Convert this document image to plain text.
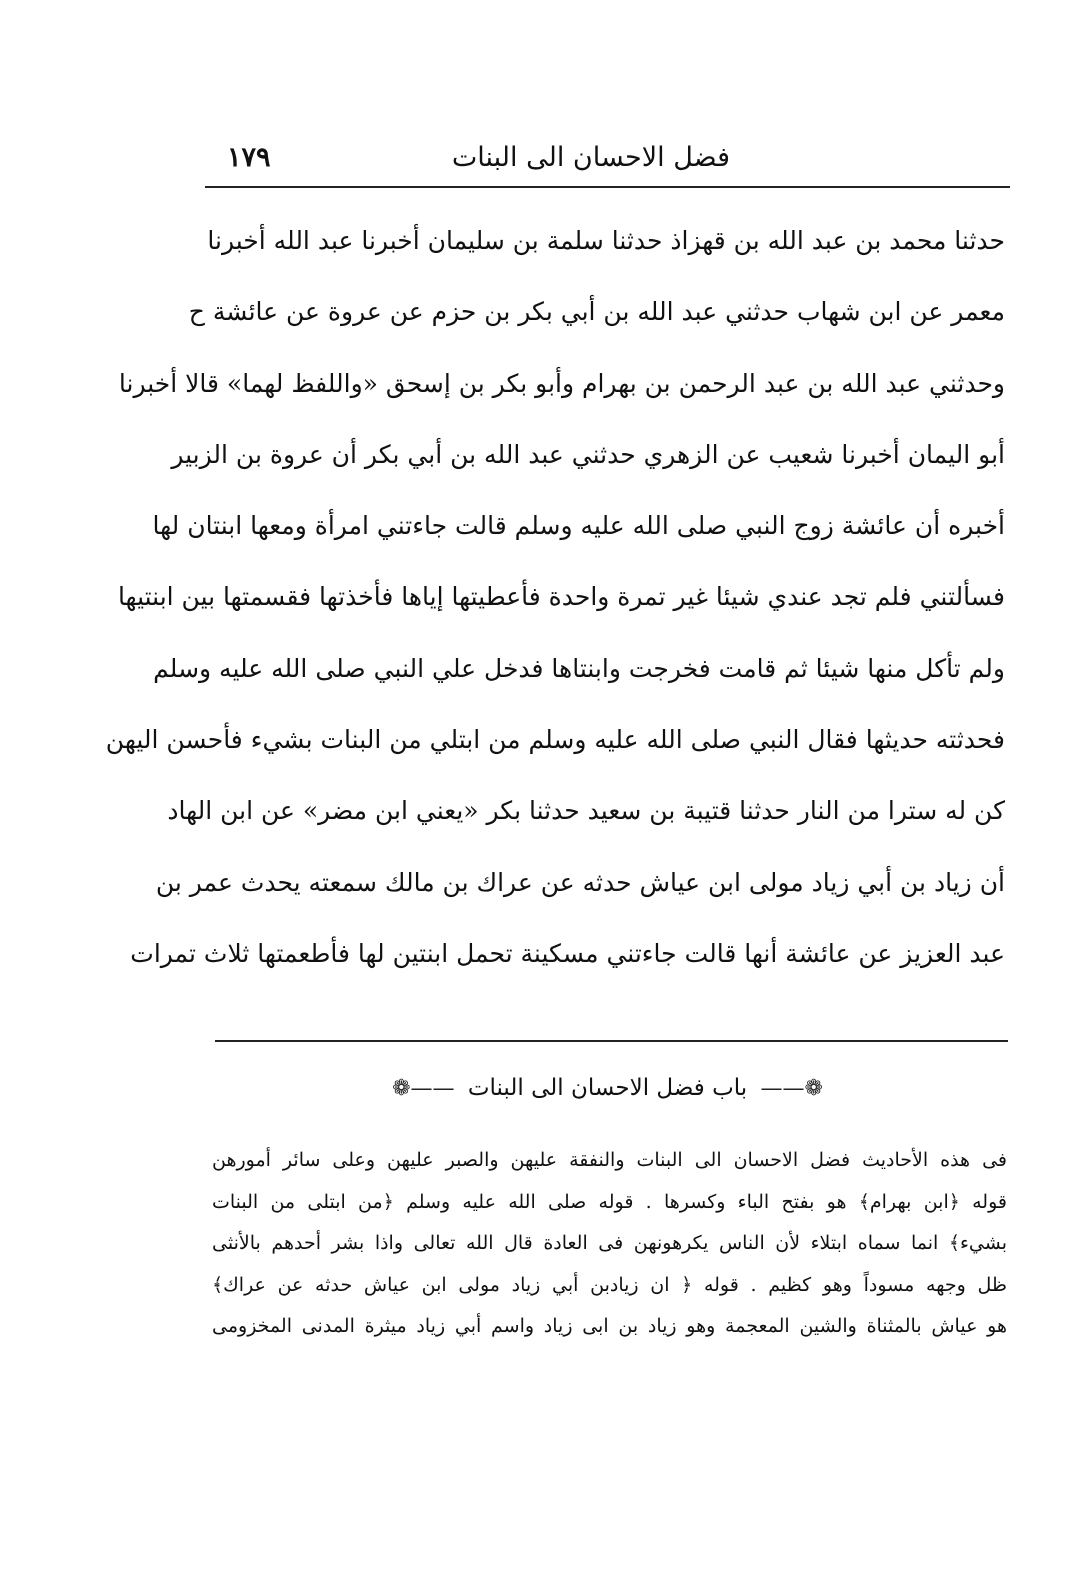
فضل الاحسان الى البنات
١٧٩
حدثنا محمد بن عبد الله بن قهزاذ حدثنا سلمة بن سليمان أخبرنا عبد الله أخبرنا
معمر عن ابن شهاب حدثني عبد الله بن أبي بكر بن حزم عن عروة عن عائشة ح
وحدثني عبد الله بن عبد الرحمن بن بهرام وأبو بكر بن إسحق «واللفظ لهما» قالا أخبرنا
أبو اليمان أخبرنا شعيب عن الزهري حدثني عبد الله بن أبي بكر أن عروة بن الزبير
أخبره أن عائشة زوج النبي صلى الله عليه وسلم قالت جاءتني امرأة ومعها ابنتان لها
فسألتني فلم تجد عندي شيئا غير تمرة واحدة فأعطيتها إياها فأخذتها فقسمتها بين ابنتيها
ولم تأكل منها شيئا ثم قامت فخرجت وابنتاها فدخل علي النبي صلى الله عليه وسلم
فحدثته حديثها فقال النبي صلى الله عليه وسلم من ابتلي من البنات بشيء فأحسن اليهن
كن له سترا من النار حدثنا قتيبة بن سعيد حدثنا بكر «يعني ابن مضر» عن ابن الهاد
أن زياد بن أبي زياد مولى ابن عياش حدثه عن عراك بن مالك سمعته يحدث عمر بن
عبد العزيز عن عائشة أنها قالت جاءتني مسكينة تحمل ابنتين لها فأطعمتها ثلاث تمرات
❁—— باب فضل الاحسان الى البنات ——❁
فى هذه الأحاديث فضل الاحسان الى البنات والنفقة عليهن والصبر عليهن وعلى سائر أمورهن
قوله ﴿ابن بهرام﴾ هو بفتح الباء وكسرها . قوله صلى الله عليه وسلم ﴿من ابتلى من البنات
بشيء﴾ انما سماه ابتلاء لأن الناس يكرهونهن فى العادة قال الله تعالى واذا بشر أحدهم بالأنثى
ظل وجهه مسوداً وهو كظيم . قوله ﴿ ان زيادبن أبي زياد مولى ابن عياش حدثه عن عراك﴾
هو عياش بالمثناة والشين المعجمة وهو زياد بن ابى زياد واسم أبي زياد ميثرة المدنى المخزومى
